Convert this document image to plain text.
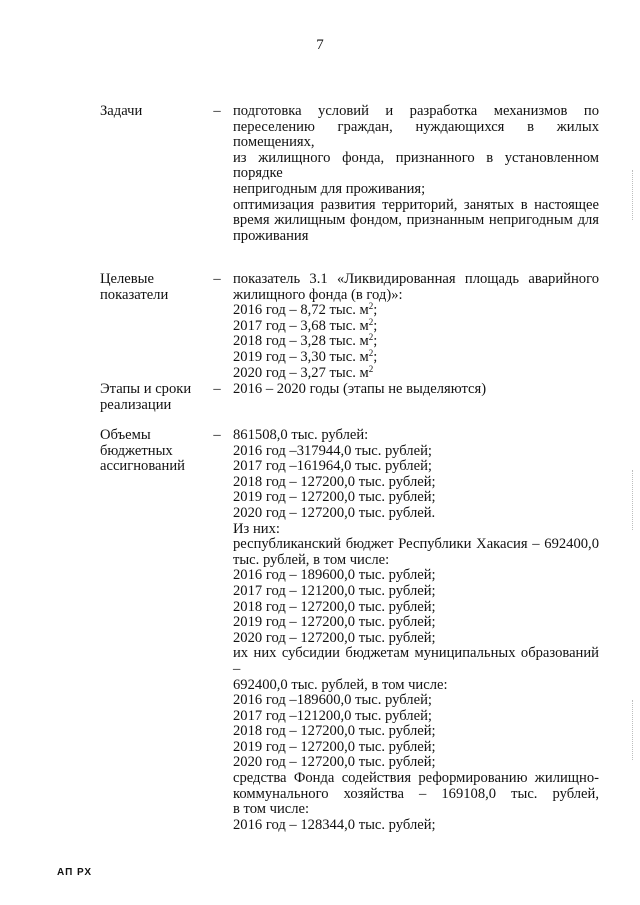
7
Задачи	– подготовка условий и разработка механизмов по
переселению граждан, нуждающихся в жилых помещениях,
из жилищного фонда, признанного в установленном порядке
непригодным для проживания;
оптимизация развития территорий, занятых в настоящее
время жилищным фондом, признанным непригодным для
проживания
Целевые
показатели
– показатель 3.1 «Ликвидированная площадь аварийного
жилищного фонда (в год)»:
2016 год – 8,72 тыс. $м^2$;
2017 год – 3,68 тыс. $м^2$;
2018 год – 3,28 тыс. $м^2$;
2019 год – 3,30 тыс. $м^2$;
2020 год – 3,27 тыс. $м^2$
Этапы и сроки
реализации
– 2016 – 2020 годы (этапы не выделяются)
Объемы
бюджетных
ассигнований
– 861508,0 тыс. рублей:
2016 год –317944,0 тыс. рублей;
2017 год –161964,0 тыс. рублей;
2018 год – 127200,0 тыс. рублей;
2019 год – 127200,0 тыс. рублей;
2020 год – 127200,0 тыс. рублей.
Из них:
республиканский бюджет Республики Хакасия – 692400,0
тыс. рублей, в том числе:
2016 год – 189600,0 тыс. рублей;
2017 год – 121200,0 тыс. рублей;
2018 год – 127200,0 тыс. рублей;
2019 год – 127200,0 тыс. рублей;
2020 год – 127200,0 тыс. рублей;
их них субсидии бюджетам муниципальных образований –
692400,0 тыс. рублей, в том числе:
2016 год –189600,0 тыс. рублей;
2017 год –121200,0 тыс. рублей;
2018 год – 127200,0 тыс. рублей;
2019 год – 127200,0 тыс. рублей;
2020 год – 127200,0 тыс. рублей;
средства Фонда содействия реформированию жилищно-
коммунального хозяйства – 169108,0 тыс. рублей,
в том числе:
2016 год – 128344,0 тыс. рублей;
АП РХ
